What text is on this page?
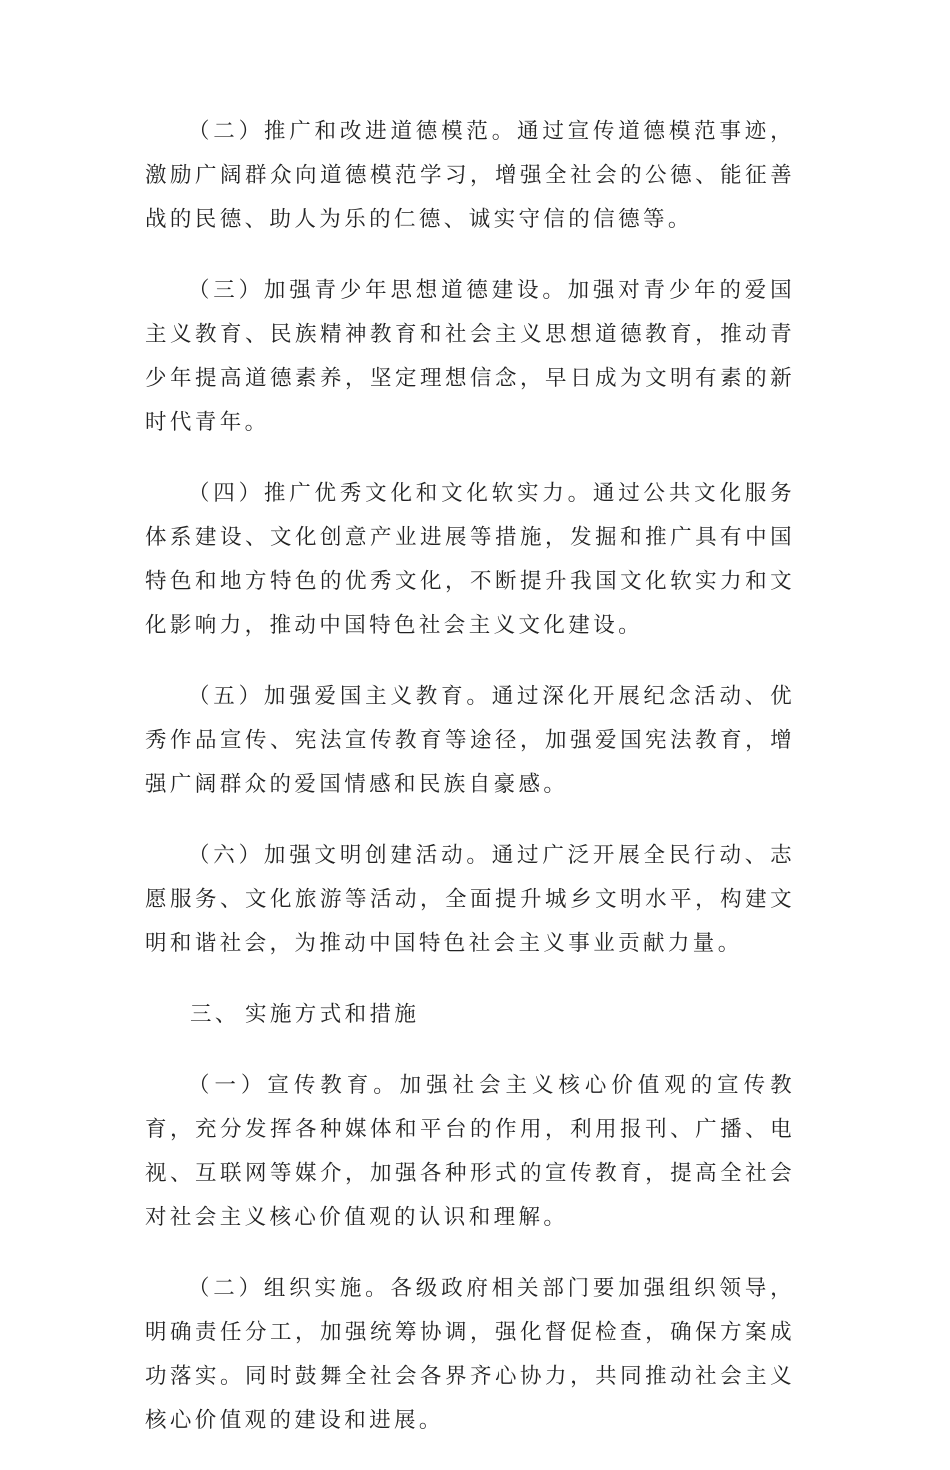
（二）推广和改进道德模范。通过宣传道德模范事迹，激励广阔群众向道德模范学习，增强全社会的公德、能征善战的民德、助人为乐的仁德、诚实守信的信德等。

（三）加强青少年思想道德建设。加强对青少年的爱国主义教育、民族精神教育和社会主义思想道德教育，推动青少年提高道德素养，坚定理想信念，早日成为文明有素的新时代青年。

（四）推广优秀文化和文化软实力。通过公共文化服务体系建设、文化创意产业进展等措施，发掘和推广具有中国特色和地方特色的优秀文化，不断提升我国文化软实力和文化影响力，推动中国特色社会主义文化建设。

（五）加强爱国主义教育。通过深化开展纪念活动、优秀作品宣传、宪法宣传教育等途径，加强爱国宪法教育，增强广阔群众的爱国情感和民族自豪感。

（六）加强文明创建活动。通过广泛开展全民行动、志愿服务、文化旅游等活动，全面提升城乡文明水平，构建文明和谐社会，为推动中国特色社会主义事业贡献力量。

三、 实施方式和措施

（一）宣传教育。加强社会主义核心价值观的宣传教育，充分发挥各种媒体和平台的作用，利用报刊、广播、电视、互联网等媒介，加强各种形式的宣传教育，提高全社会对社会主义核心价值观的认识和理解。

（二）组织实施。各级政府相关部门要加强组织领导，明确责任分工，加强统筹协调，强化督促检查，确保方案成功落实。同时鼓舞全社会各界齐心协力，共同推动社会主义核心价值观的建设和进展。
